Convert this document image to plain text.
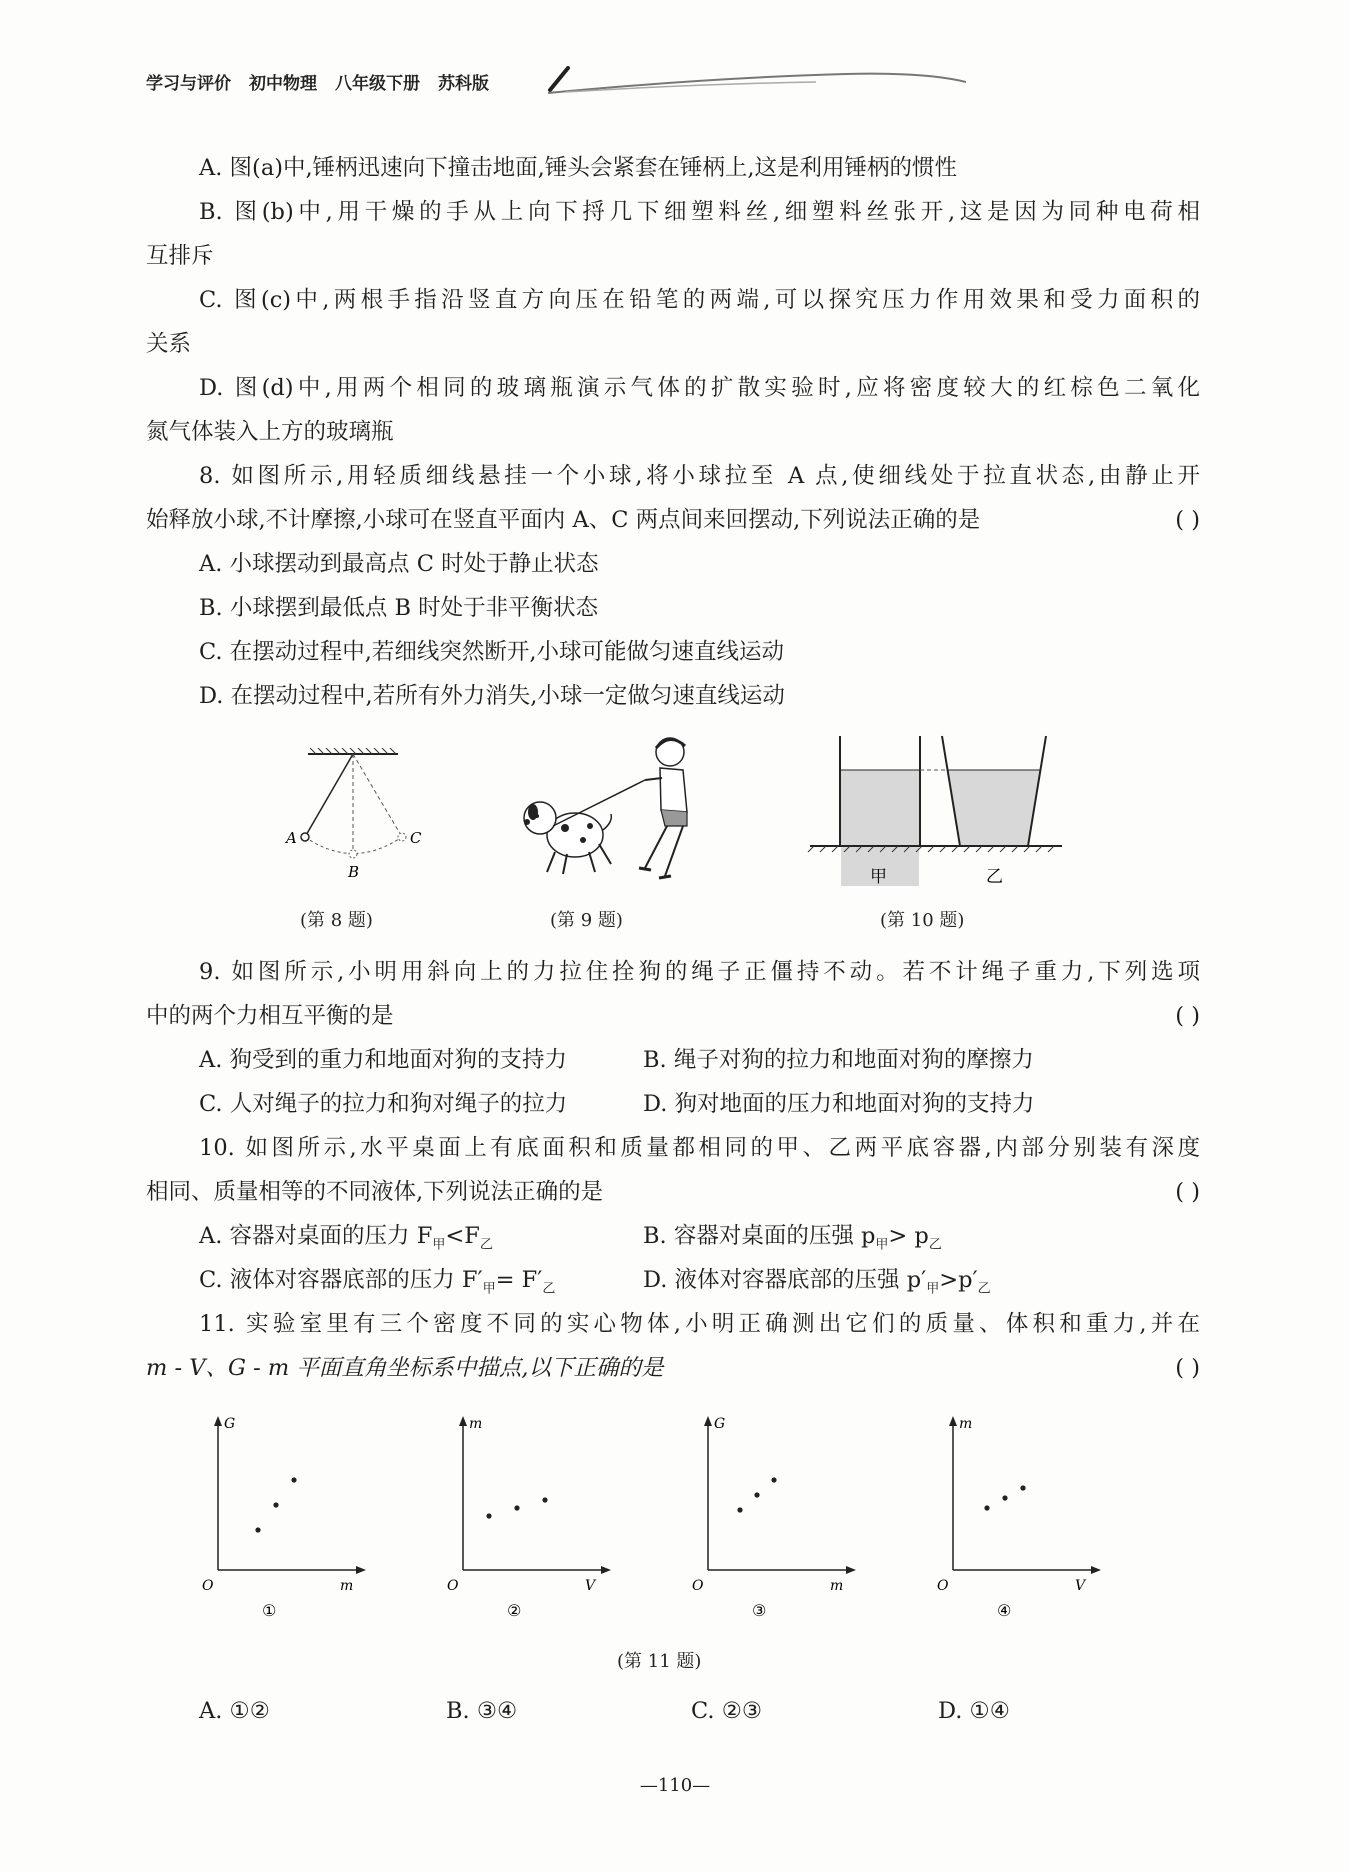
学习与评价 初中物理 八年级下册 苏科版
A. 图(a)中,锤柄迅速向下撞击地面,锤头会紧套在锤柄上,这是利用锤柄的惯性
B. 图(b)中,用干燥的手从上向下捋几下细塑料丝,细塑料丝张开,这是因为同种电荷相
互排斥
C. 图(c)中,两根手指沿竖直方向压在铅笔的两端,可以探究压力作用效果和受力面积的
关系
D. 图(d)中,用两个相同的玻璃瓶演示气体的扩散实验时,应将密度较大的红棕色二氧化
氮气体装入上方的玻璃瓶
8. 如图所示,用轻质细线悬挂一个小球,将小球拉至 A 点,使细线处于拉直状态,由静止开
始释放小球,不计摩擦,小球可在竖直平面内 A、C 两点间来回摆动,下列说法正确的是	( )
A. 小球摆动到最高点 C 时处于静止状态
B. 小球摆到最低点 B 时处于非平衡状态
C. 在摆动过程中,若细线突然断开,小球可能做匀速直线运动
D. 在摆动过程中,若所有外力消失,小球一定做匀速直线运动
A
B
C
(第 8 题)	(第 9 题)
甲	乙
(第 10 题)
9. 如图所示,小明用斜向上的力拉住拴狗的绳子正僵持不动。若不计绳子重力,下列选项
中的两个力相互平衡的是	( )
A. 狗受到的重力和地面对狗的支持力	B. 绳子对狗的拉力和地面对狗的摩擦力
C. 人对绳子的拉力和狗对绳子的拉力	D. 狗对地面的压力和地面对狗的支持力
10. 如图所示,水平桌面上有底面积和质量都相同的甲、乙两平底容器,内部分别装有深度
相同、质量相等的不同液体,下列说法正确的是	( )
A. 容器对桌面的压力 $F_甲<F_乙$	B. 容器对桌面的压强 $p_甲> p_乙$
C. 液体对容器底部的压力 $F'_甲= F'_乙$	D. 液体对容器底部的压强 $p'_甲>p'_乙$
11. 实验室里有三个密度不同的实心物体,小明正确测出它们的质量、体积和重力,并在
m - V、G - m 平面直角坐标系中描点,以下正确的是	( )
G
m
O
①
m
V
O
②
G
m
O
③
m
V
O
④
(第 11 题)
A. ①②	B. ③④	C. ②③	D. ①④
—110—
